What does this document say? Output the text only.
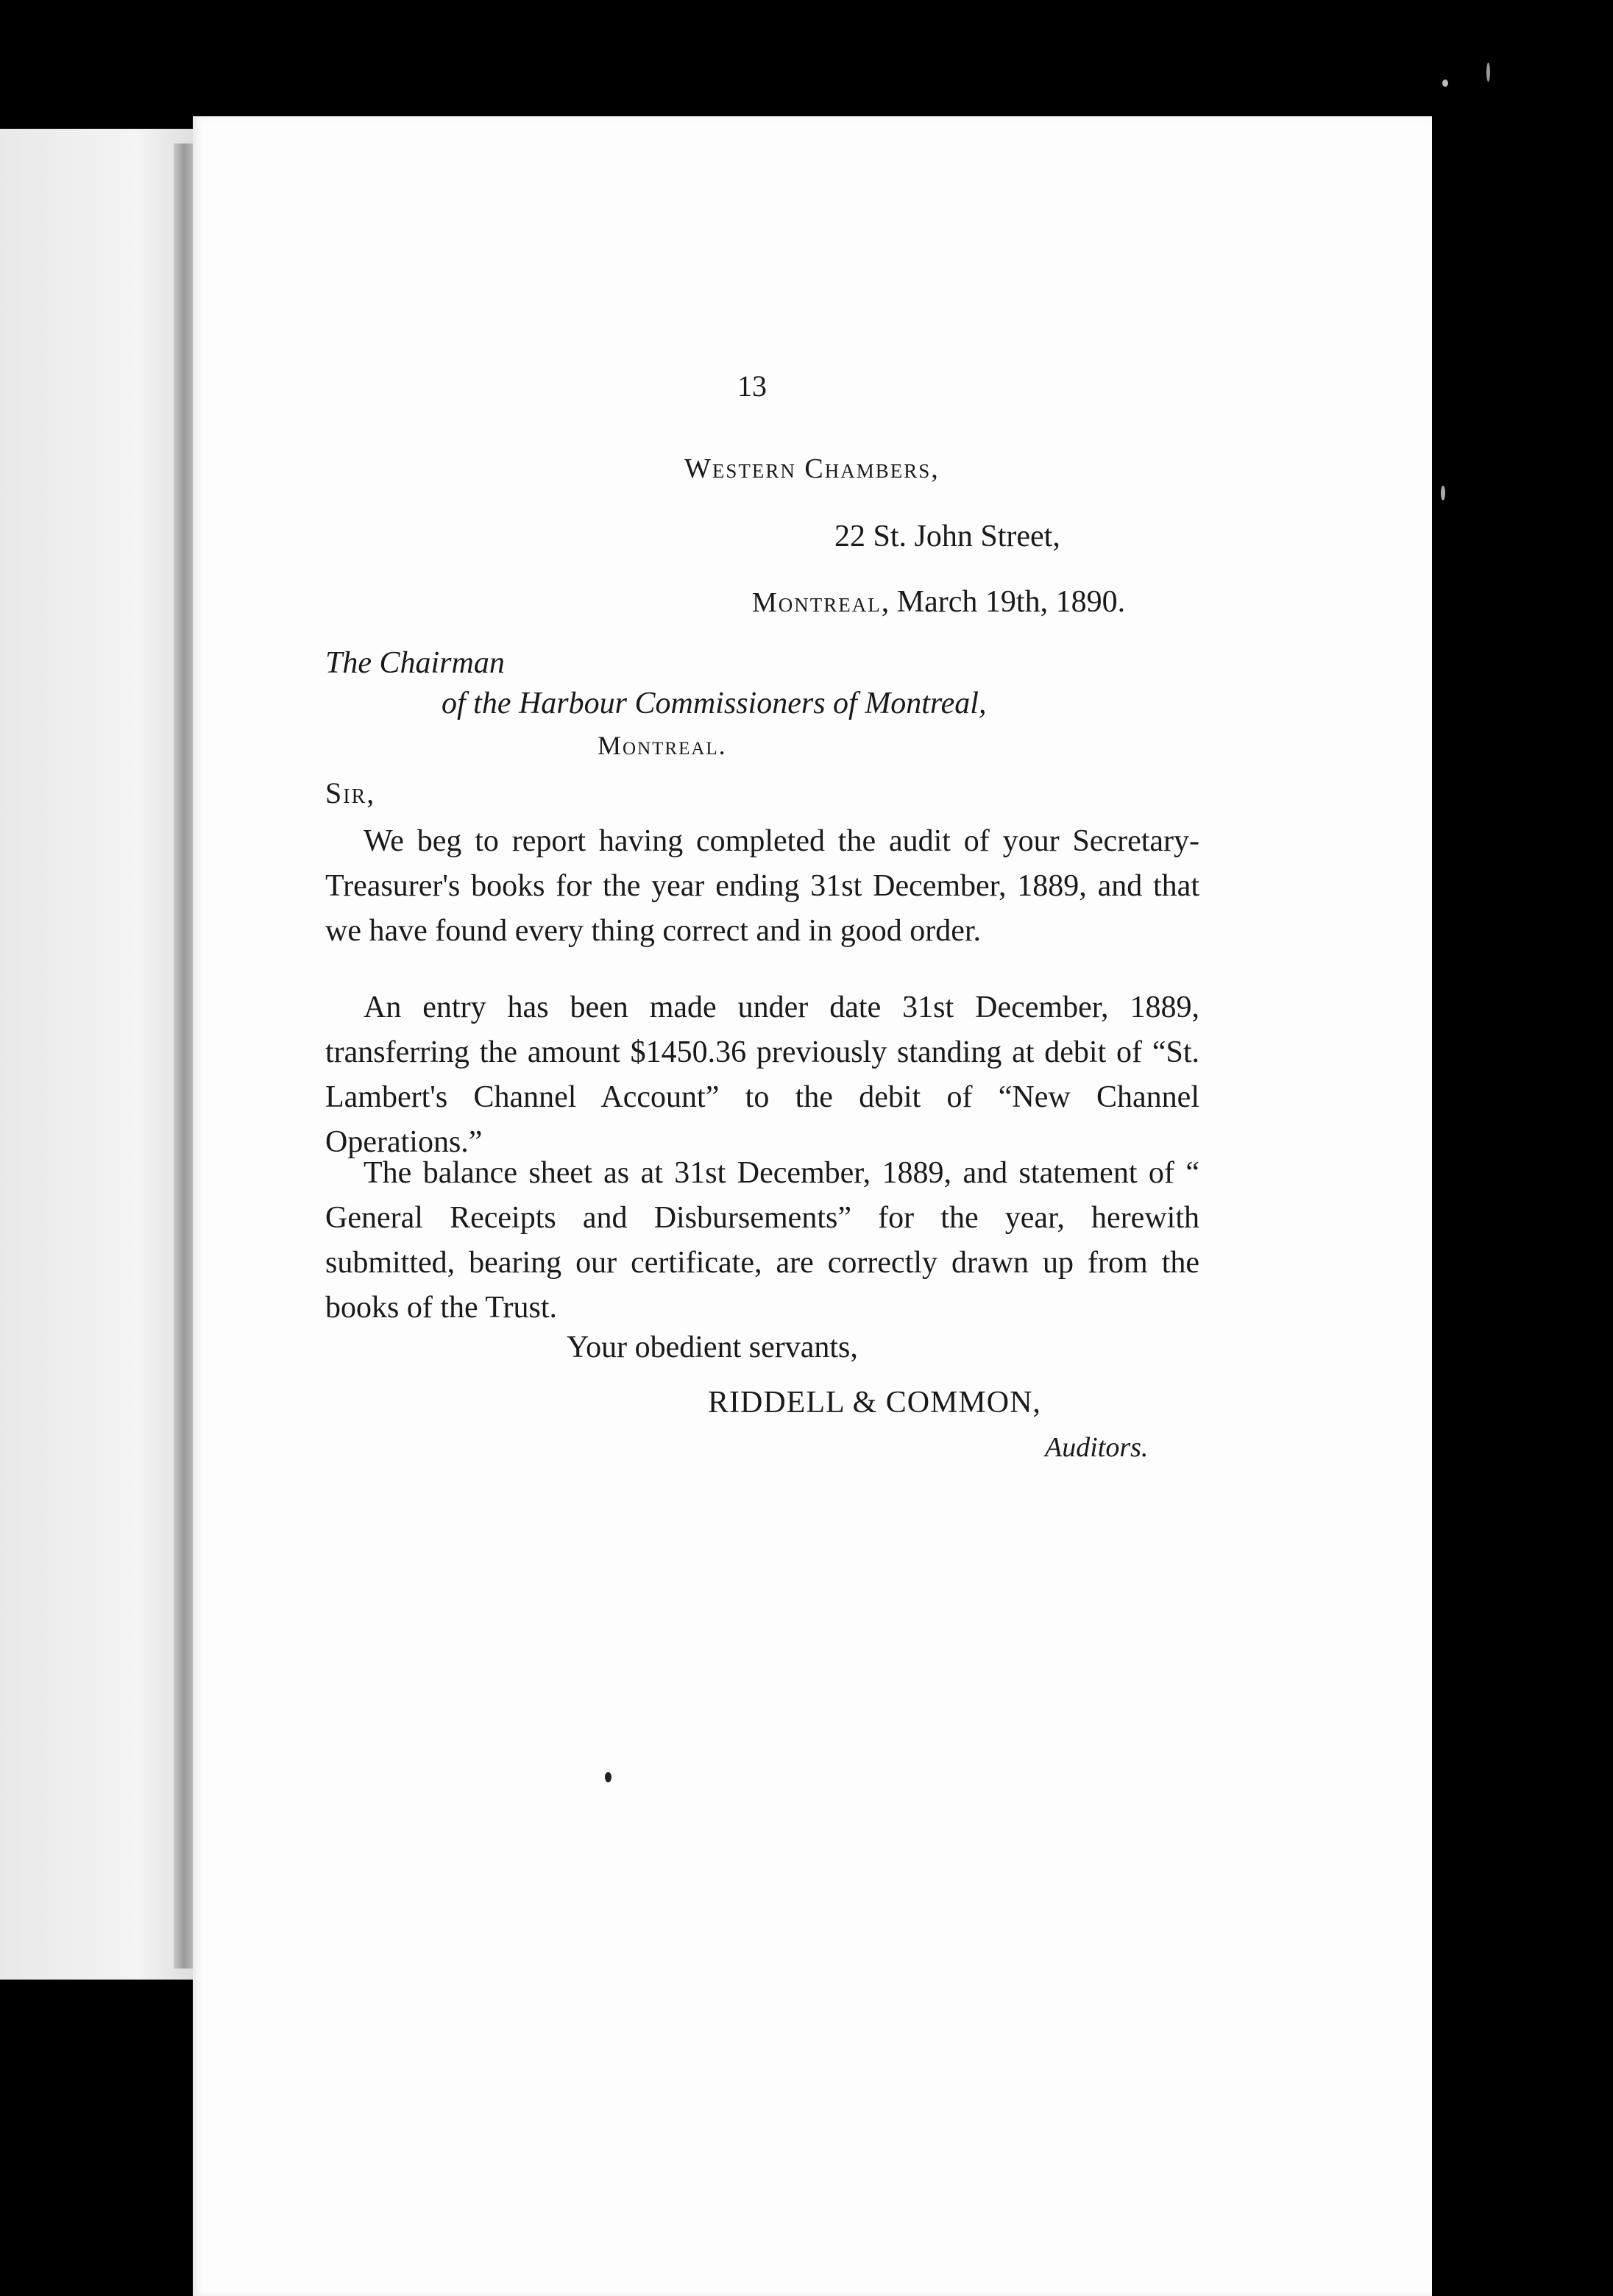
13
Western Chambers,
22 St. John Street,
Montreal, March 19th, 1890.
The Chairman
of the Harbour Commissioners of Montreal,
Montreal.
Sir,
We beg to report having completed the audit of your Secretary-Treasurer's books for the year ending 31st December, 1889, and that we have found every thing correct and in good order.
An entry has been made under date 31st December, 1889, transferring the amount $1450.36 previously standing at debit of “St. Lambert's Channel Account” to the debit of “New Channel Operations.”
The balance sheet as at 31st December, 1889, and statement of “ General Receipts and Disbursements” for the year, herewith submitted, bearing our certificate, are correctly drawn up from the books of the Trust.
Your obedient servants,
RIDDELL & COMMON,
Auditors.
